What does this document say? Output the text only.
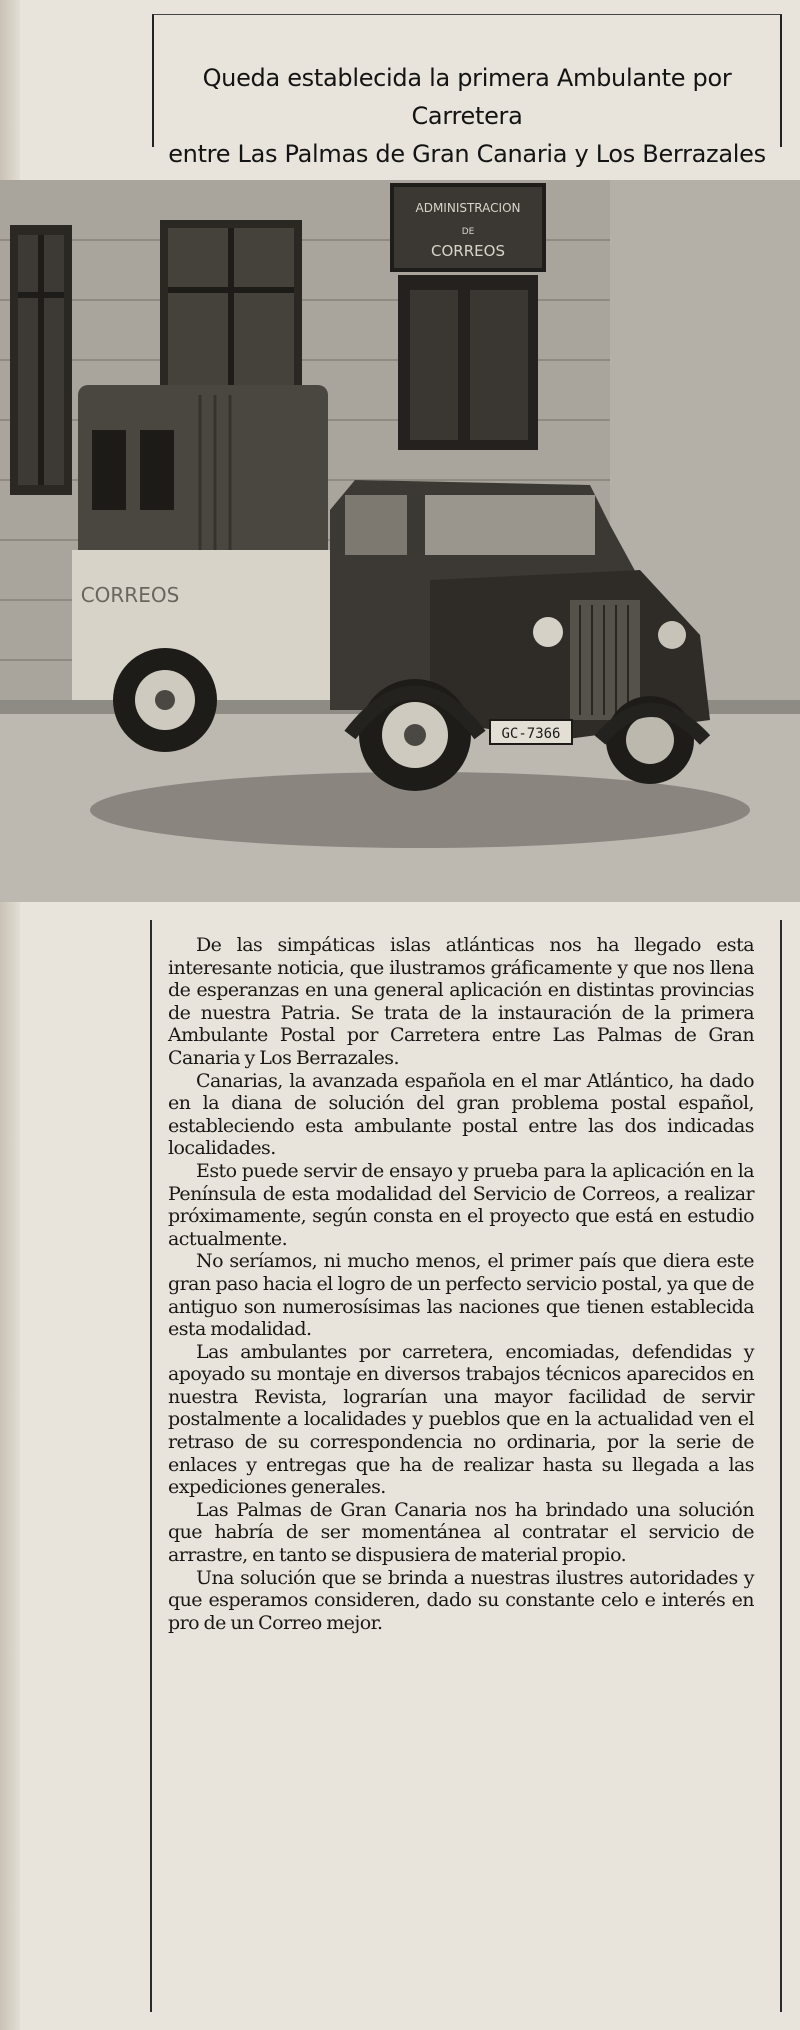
Queda establecida la primera Ambulante por Carretera
entre Las Palmas de Gran Canaria y Los Berrazales
ADMINISTRACION
DE
CORREOS
CORREOS
GC-7366

De las simpáticas islas atlánticas nos ha llegado esta interesante noticia, que ilustramos gráficamente y que nos llena de esperanzas en una general aplicación en distintas provincias de nuestra Patria. Se trata de la instauración de la primera Ambulante Postal por Carretera entre Las Palmas de Gran Canaria y Los Berrazales.

Canarias, la avanzada española en el mar Atlántico, ha dado en la diana de solución del gran problema postal español, estableciendo esta ambulante postal entre las dos indicadas localidades.

Esto puede servir de ensayo y prueba para la aplicación en la Península de esta modalidad del Servicio de Correos, a realizar próximamente, según consta en el proyecto que está en estudio actualmente.

No seríamos, ni mucho menos, el primer país que diera este gran paso hacia el logro de un perfecto servicio postal, ya que de antiguo son numerosísimas las naciones que tienen establecida esta modalidad.

Las ambulantes por carretera, encomiadas, defendidas y apoyado su montaje en diversos trabajos técnicos aparecidos en nuestra Revista, lograrían una mayor facilidad de servir postalmente a localidades y pueblos que en la actualidad ven el retraso de su correspondencia no ordinaria, por la serie de enlaces y entregas que ha de realizar hasta su llegada a las expediciones generales.

Las Palmas de Gran Canaria nos ha brindado una solución que habría de ser momentánea al contratar el servicio de arrastre, en tanto se dispusiera de material propio.

Una solución que se brinda a nuestras ilustres autoridades y que esperamos consideren, dado su constante celo e interés en pro de un Correo mejor.
